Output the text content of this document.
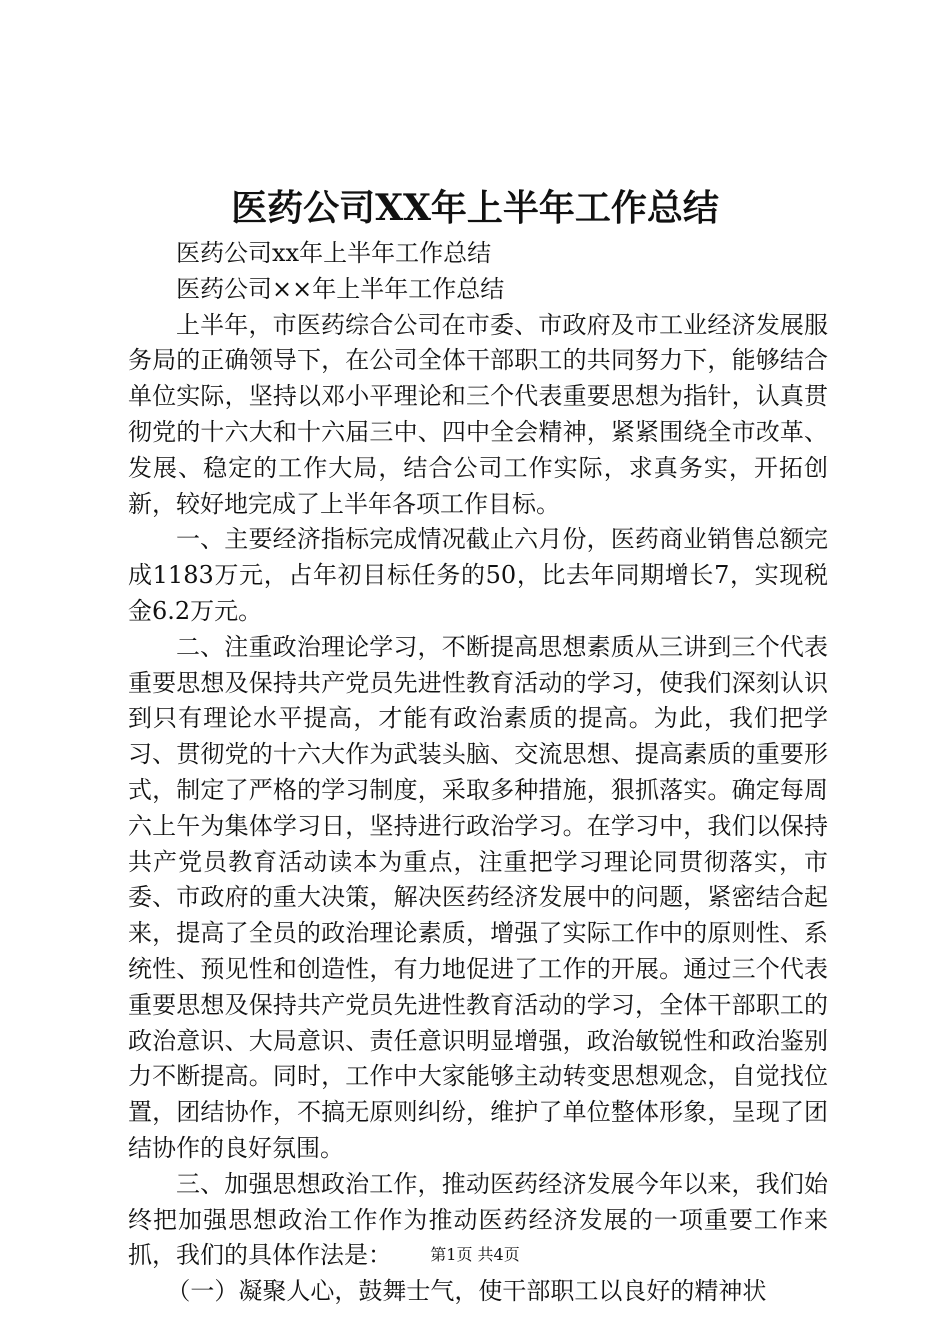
医药公司XX年上半年工作总结

医药公司xx年上半年工作总结

医药公司××年上半年工作总结

上半年，市医药综合公司在市委、市政府及市工业经济发展服务局的正确领导下，在公司全体干部职工的共同努力下，能够结合单位实际，坚持以邓小平理论和三个代表重要思想为指针，认真贯彻党的十六大和十六届三中、四中全会精神，紧紧围绕全市改革、发展、稳定的工作大局，结合公司工作实际，求真务实，开拓创新，较好地完成了上半年各项工作目标。

一、主要经济指标完成情况截止六月份，医药商业销售总额完成1183万元，占年初目标任务的50，比去年同期增长7，实现税金6.2万元。

二、注重政治理论学习，不断提高思想素质从三讲到三个代表重要思想及保持共产党员先进性教育活动的学习，使我们深刻认识到只有理论水平提高，才能有政治素质的提高。为此，我们把学习、贯彻党的十六大作为武装头脑、交流思想、提高素质的重要形式，制定了严格的学习制度，采取多种措施，狠抓落实。确定每周六上午为集体学习日，坚持进行政治学习。在学习中，我们以保持共产党员教育活动读本为重点，注重把学习理论同贯彻落实，市委、市政府的重大决策，解决医药经济发展中的问题，紧密结合起来，提高了全员的政治理论素质，增强了实际工作中的原则性、系统性、预见性和创造性，有力地促进了工作的开展。通过三个代表重要思想及保持共产党员先进性教育活动的学习，全体干部职工的政治意识、大局意识、责任意识明显增强，政治敏锐性和政治鉴别力不断提高。同时，工作中大家能够主动转变思想观念，自觉找位置，团结协作，不搞无原则纠纷，维护了单位整体形象，呈现了团结协作的良好氛围。

三、加强思想政治工作，推动医药经济发展今年以来，我们始终把加强思想政治工作作为推动医药经济发展的一项重要工作来抓，我们的具体作法是：

（一）凝聚人心，鼓舞士气，使干部职工以良好的精神状

第1页 共4页
